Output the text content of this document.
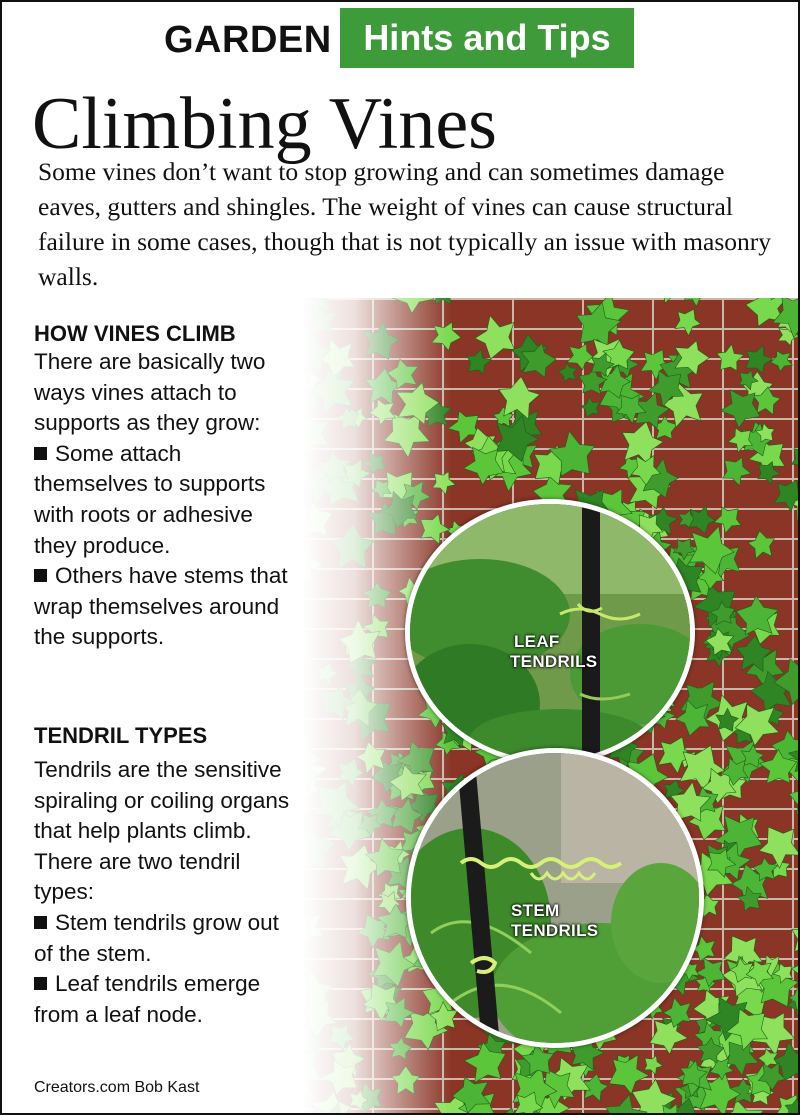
GARDEN Hints and Tips
Climbing Vines
Some vines don’t want to stop growing and can sometimes damage eaves, gutters and shingles. The weight of vines can cause structural failure in some cases, though that is not typically an issue with masonry walls.
LEAF
TENDRILS
STEM
TENDRILS
HOW VINES CLIMB

There are basically two ways vines attach to supports as they grow:

Some attach themselves to supports with roots or adhesive they produce.

Others have stems that wrap themselves around the supports.

TENDRIL TYPES

Tendrils are the sensitive spiraling or coiling organs that help plants climb. There are two tendril types:

Stem tendrils grow out of the stem.

Leaf tendrils emerge from a leaf node.

Creators.com Bob Kast
